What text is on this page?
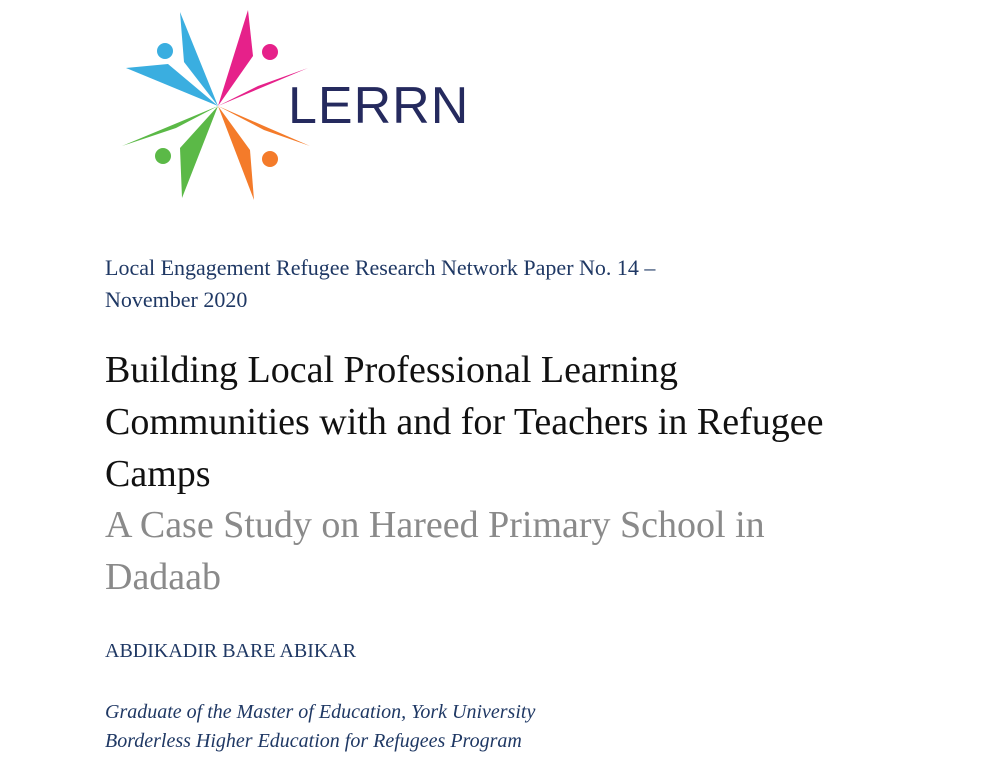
LERRN
Local Engagement Refugee Research Network Paper No. 14 –
November 2020
Building Local Professional Learning
Communities with and for Teachers in Refugee
Camps
A Case Study on Hareed Primary School in
Dadaab
ABDIKADIR BARE ABIKAR
Graduate of the Master of Education, York University
Borderless Higher Education for Refugees Program
